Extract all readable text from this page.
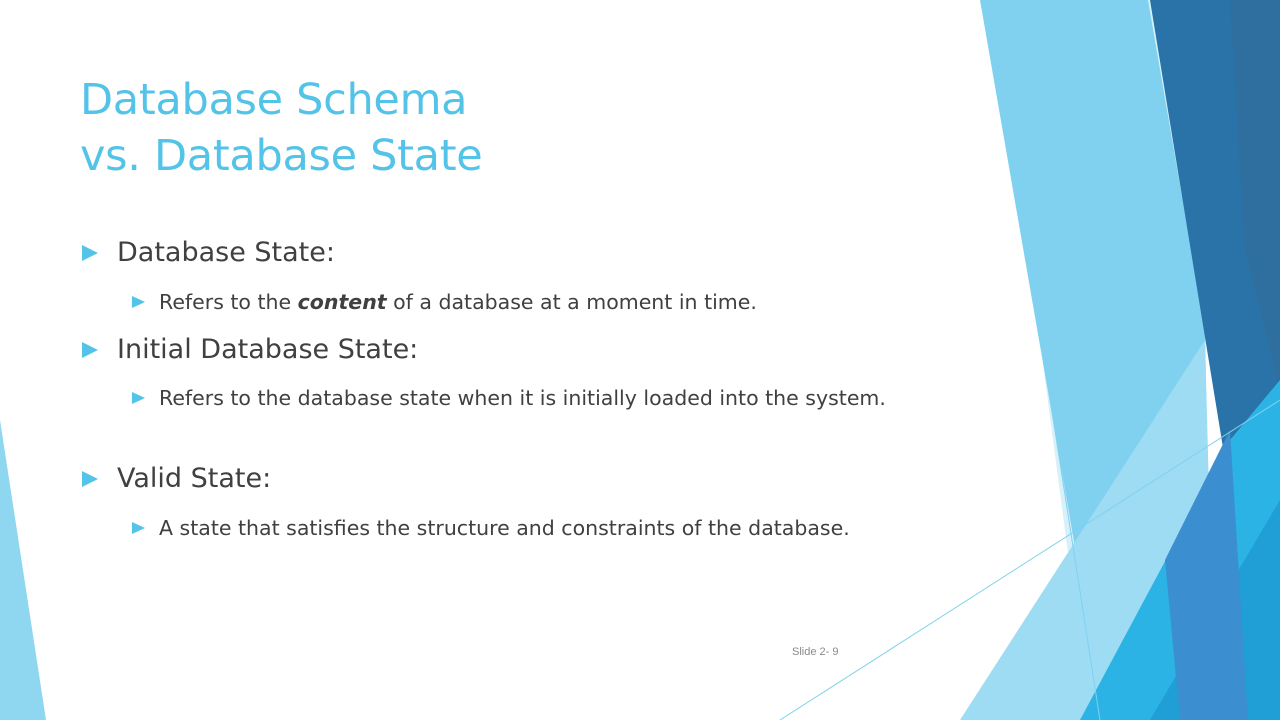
Database Schema
vs. Database State
Database State:
Refers to the content of a database at a moment in time.
Initial Database State:
Refers to the database state when it is initially loaded into the system.
Valid State:
A state that satisfies the structure and constraints of the database.
Slide 2- 9
